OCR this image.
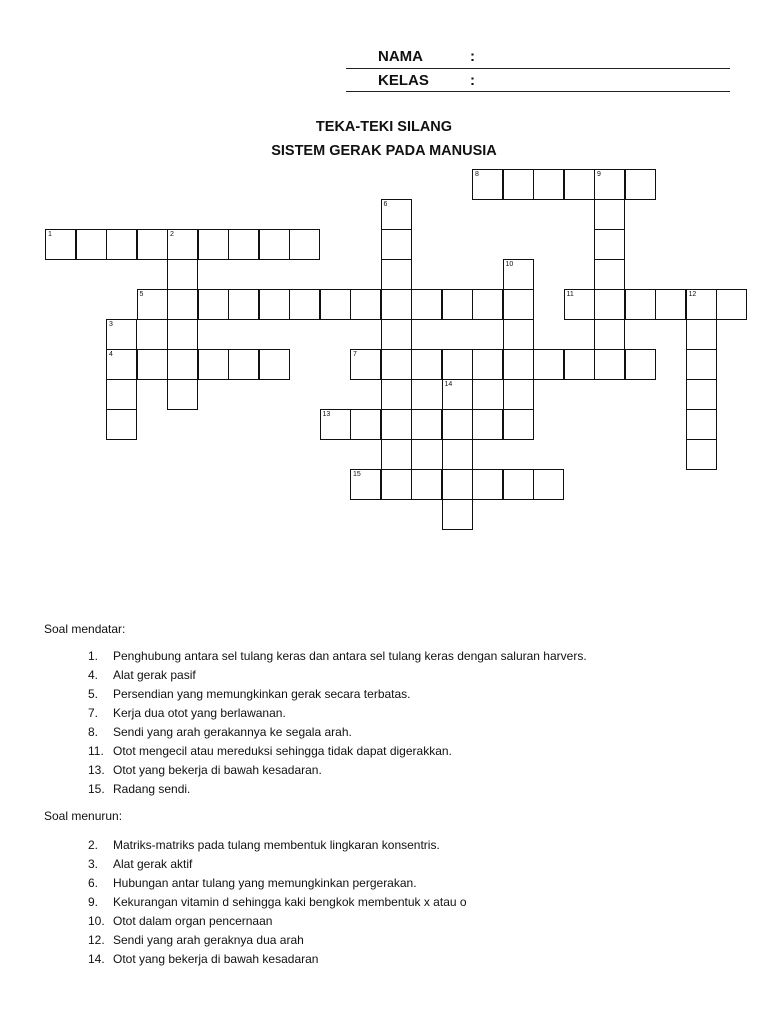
NAMA	:
KELAS	:
TEKA-TEKI SILANG
SISTEM GERAK PADA MANUSIA
1	2
4
5
7
8	9
11	12
13
15
3
6
10
14
Soal mendatar:
1. Penghubung antara sel tulang keras dan antara sel tulang keras dengan saluran harvers.
4. Alat gerak pasif
5. Persendian yang memungkinkan gerak secara terbatas.
7. Kerja dua otot yang berlawanan.
8. Sendi yang arah gerakannya ke segala arah.
11. Otot mengecil atau mereduksi sehingga tidak dapat digerakkan.
13. Otot yang bekerja di bawah kesadaran.
15. Radang sendi.
Soal menurun:
2. Matriks-matriks pada tulang membentuk lingkaran konsentris.
3. Alat gerak aktif
6. Hubungan antar tulang yang memungkinkan pergerakan.
9. Kekurangan vitamin d sehingga kaki bengkok membentuk x atau o
10. Otot dalam organ pencernaan
12. Sendi yang arah geraknya dua arah
14. Otot yang bekerja di bawah kesadaran
